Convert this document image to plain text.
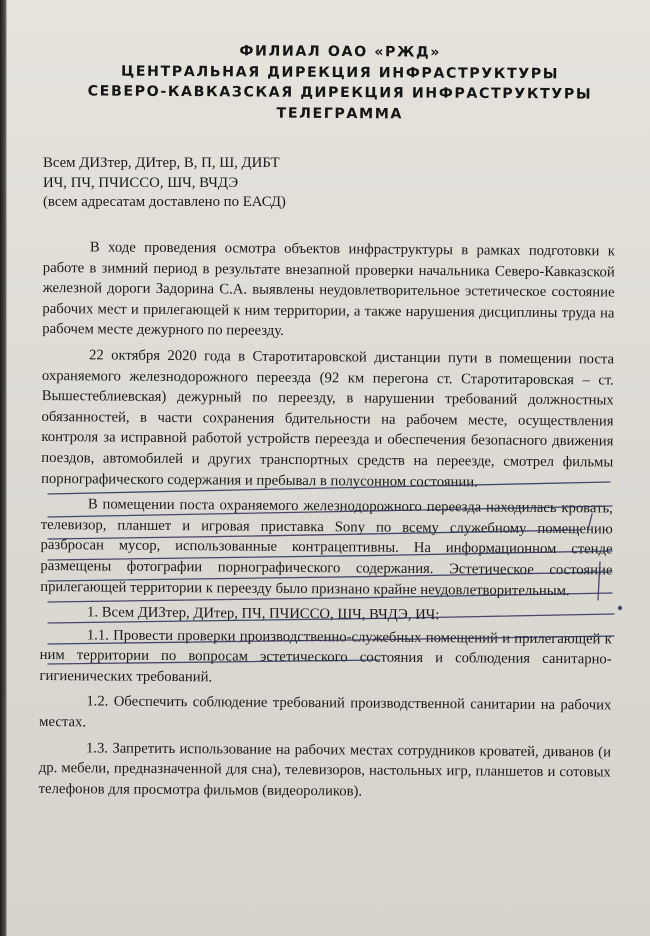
ФИЛИАЛ ОАО «РЖД»
ЦЕНТРАЛЬНАЯ ДИРЕКЦИЯ ИНФРАСТРУКТУРЫ
СЕВЕРО-КАВКАЗСКАЯ ДИРЕКЦИЯ ИНФРАСТРУКТУРЫ
ТЕЛЕГРАММА
Всем ДИЗтер, ДИтер, В, П, Ш, ДИБТ
ИЧ, ПЧ, ПЧИССО, ШЧ, ВЧДЭ
(всем адресатам доставлено по ЕАСД)

В ходе проведения осмотра объектов инфраструктуры в рамках подготовки к работе в зимний период в результате внезапной проверки начальника Северо-Кавказской железной дороги Задорина С.А. выявлены неудовлетворительное эстетическое состояние рабочих мест и прилегающей к ним территории, а также нарушения дисциплины труда на рабочем месте дежурного по переезду.

22 октября 2020 года в Старотитаровской дистанции пути в помещении поста охраняемого железнодорожного переезда (92 км перегона ст. Старотитаровская – ст. Вышестеблиевская) дежурный по переезду, в нарушении требований должностных обязанностей, в части сохранения бдительности на рабочем месте, осуществления контроля за исправной работой устройств переезда и обеспечения безопасного движения поездов, автомобилей и других транспортных средств на переезде, смотрел фильмы порнографического содержания и пребывал в полусонном состоянии.

В помещении поста охраняемого железнодорожного переезда находилась кровать, телевизор, планшет и игровая приставка Sony по всему служебному помещению разбросан мусор, использованные контрацептивны. На информационном стенде размещены фотографии порнографического содержания. Эстетическое состояние прилегающей территории к переезду было признано крайне неудовлетворительным.

1. Всем ДИЗтер, ДИтер, ПЧ, ПЧИССО, ШЧ, ВЧДЭ, ИЧ:

1.1. Провести проверки производственно-служебных помещений и прилегающей к ним территории по вопросам эстетического состояния и соблюдения санитарно-гигиенических требований.

1.2. Обеспечить соблюдение требований производственной санитарии на рабочих местах.

1.3. Запретить использование на рабочих местах сотрудников кроватей, диванов (и др. мебели, предназначенной для сна), телевизоров, настольных игр, планшетов и сотовых телефонов для просмотра фильмов (видеороликов).
